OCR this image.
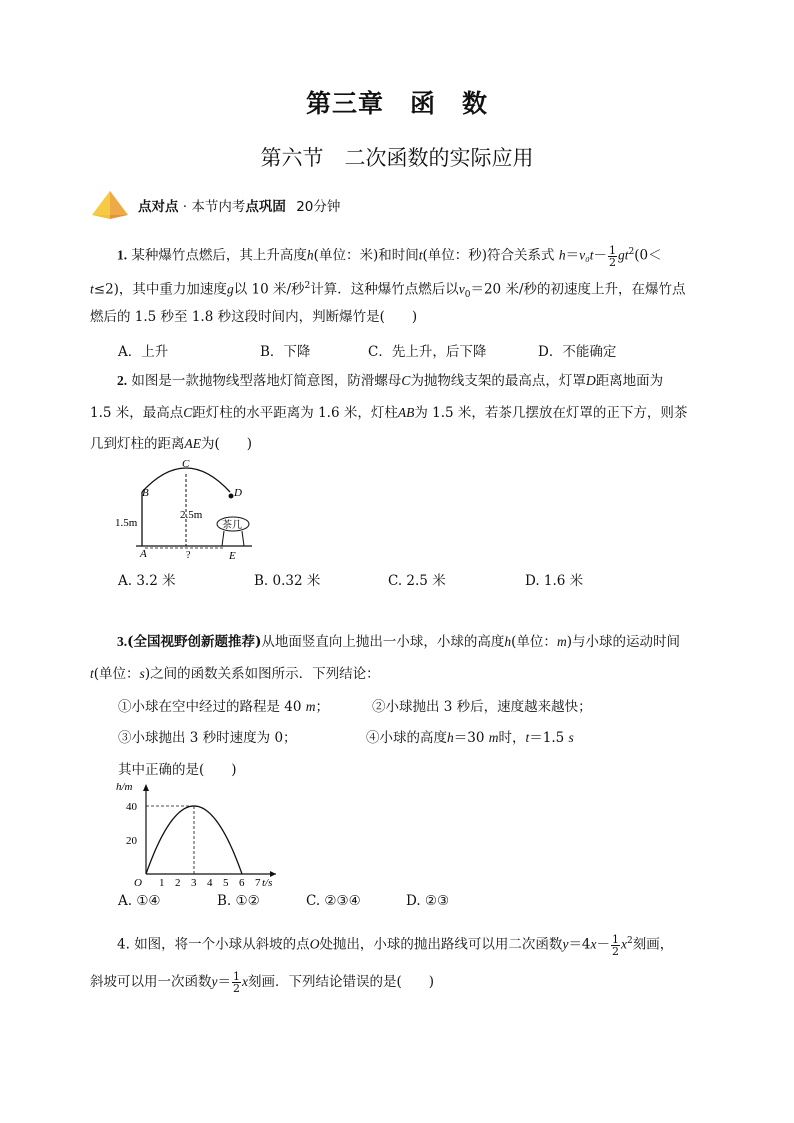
第三章　函　数
第六节　二次函数的实际应用
点对点 · 本节内考点巩固 20分钟
1. 某种爆竹点燃后，其上升高度h(单位：米)和时间t(单位：秒)符合关系式 $h=v_0t- \frac{1}{2} gt^2(0<$
t≤2)，其中重力加速度g以 10 米/秒$^2$计算．这种爆竹点燃后以$v_0=20$ 米/秒的初速度上升，在爆竹点
燃后的 1.5 秒至 1.8 秒这段时间内，判断爆竹是(　　)
A．上升	B．下降	C．先上升，后下降	D．不能确定
2. 如图是一款抛物线型落地灯简意图，防滑螺母C为抛物线支架的最高点，灯罩D距离地面为
1.5 米，最高点C距灯柱的水平距离为 1.6 米，灯柱AB为 1.5 米，若茶几摆放在灯罩的正下方，则茶
几到灯柱的距离AE为(　　)
B
C
D
A	E
1.5m
2.5m
?
茶几
A. 3.2 米	B. 0.32 米	C. 2.5 米	D. 1.6 米
3.(全国视野创新题推荐)从地面竖直向上抛出一小球，小球的高度h(单位：m)与小球的运动时间
t(单位：s)之间的函数关系如图所示．下列结论：
①小球在空中经过的路程是 40 m；	②小球抛出 3 秒后，速度越来越快；
③小球抛出 3 秒时速度为 0；	④小球的高度h＝30 m时，t＝1.5 s
其中正确的是(　　)
h/m
t/s
O 1 2 3 4 5 6 7
20
40
A. ①④	B. ①②	C. ②③④	D. ②③
4. 如图，将一个小球从斜坡的点O处抛出，小球的抛出路线可以用二次函数$y=4x- \frac{1}{2} x^2$刻画，
斜坡可以用一次函数$y= \frac{1}{2}$ x刻画．下列结论错误的是(　　)
